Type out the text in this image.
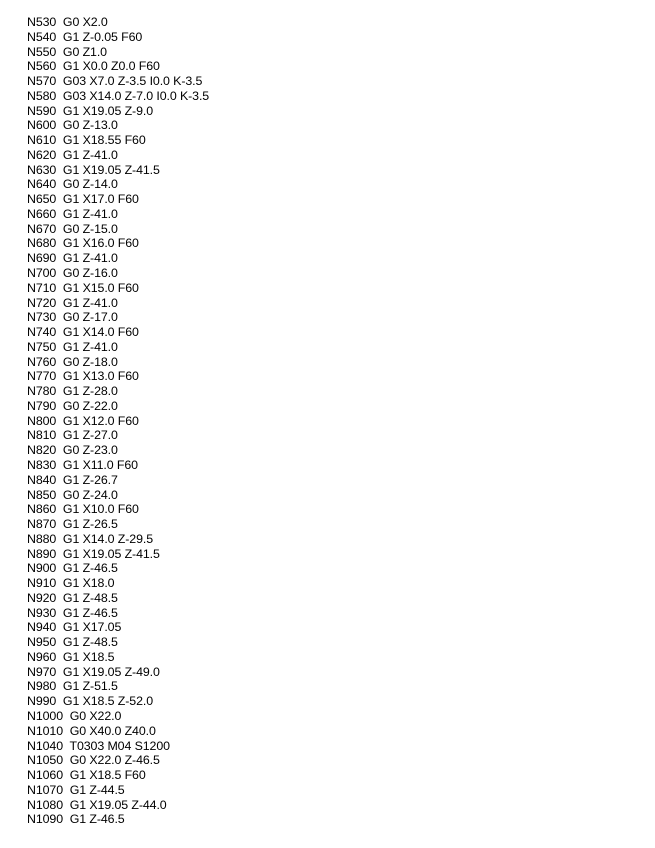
N530  G0 X2.0
N540  G1 Z-0.05 F60
N550  G0 Z1.0
N560  G1 X0.0 Z0.0 F60
N570  G03 X7.0 Z-3.5 I0.0 K-3.5
N580  G03 X14.0 Z-7.0 I0.0 K-3.5
N590  G1 X19.05 Z-9.0
N600  G0 Z-13.0
N610  G1 X18.55 F60
N620  G1 Z-41.0
N630  G1 X19.05 Z-41.5
N640  G0 Z-14.0
N650  G1 X17.0 F60
N660  G1 Z-41.0
N670  G0 Z-15.0
N680  G1 X16.0 F60
N690  G1 Z-41.0
N700  G0 Z-16.0
N710  G1 X15.0 F60
N720  G1 Z-41.0
N730  G0 Z-17.0
N740  G1 X14.0 F60
N750  G1 Z-41.0
N760  G0 Z-18.0
N770  G1 X13.0 F60
N780  G1 Z-28.0
N790  G0 Z-22.0
N800  G1 X12.0 F60
N810  G1 Z-27.0
N820  G0 Z-23.0
N830  G1 X11.0 F60
N840  G1 Z-26.7
N850  G0 Z-24.0
N860  G1 X10.0 F60
N870  G1 Z-26.5
N880  G1 X14.0 Z-29.5
N890  G1 X19.05 Z-41.5
N900  G1 Z-46.5
N910  G1 X18.0
N920  G1 Z-48.5
N930  G1 Z-46.5
N940  G1 X17.05
N950  G1 Z-48.5
N960  G1 X18.5
N970  G1 X19.05 Z-49.0
N980  G1 Z-51.5
N990  G1 X18.5 Z-52.0
N1000  G0 X22.0
N1010  G0 X40.0 Z40.0
N1040  T0303 M04 S1200
N1050  G0 X22.0 Z-46.5
N1060  G1 X18.5 F60
N1070  G1 Z-44.5
N1080  G1 X19.05 Z-44.0
N1090  G1 Z-46.5
